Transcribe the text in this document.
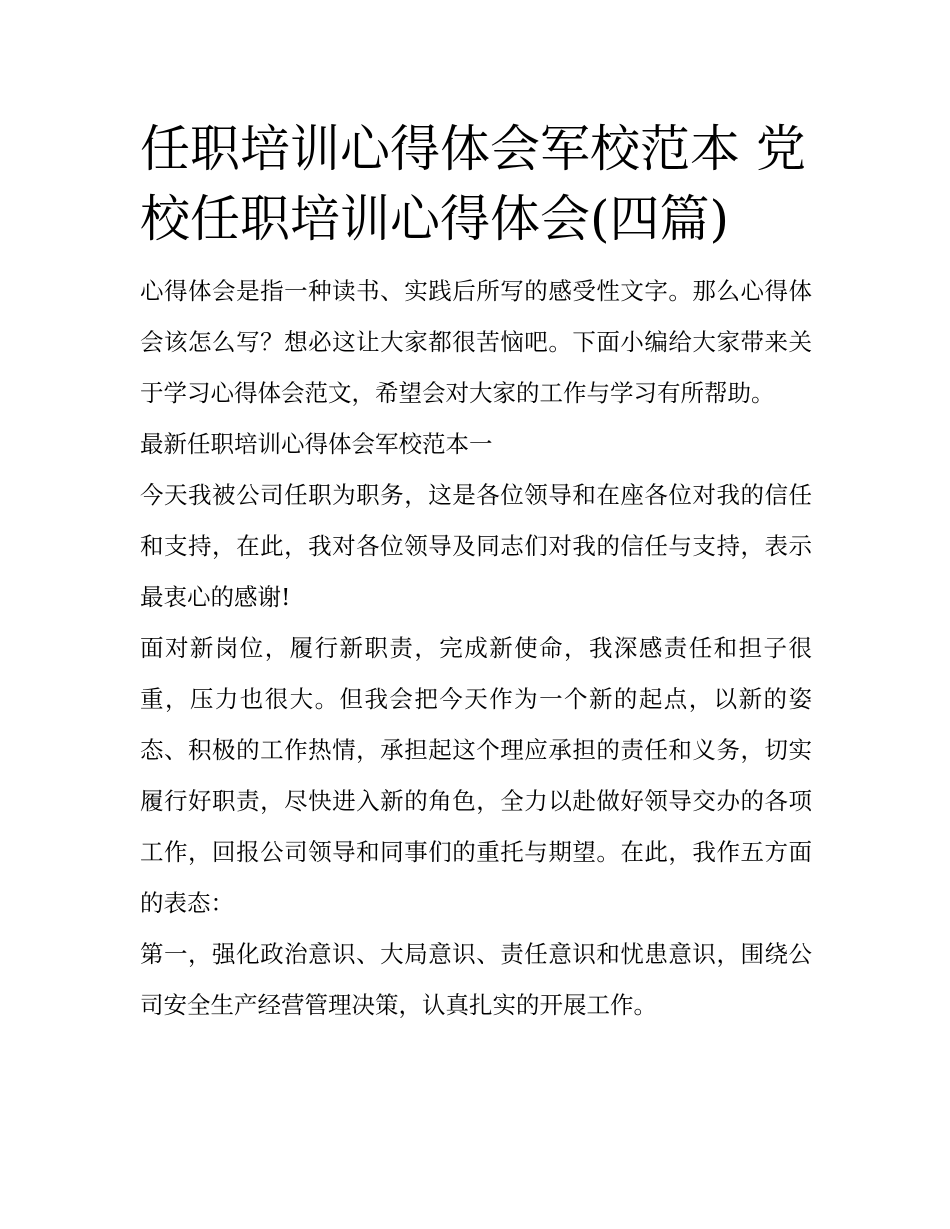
任职培训心得体会军校范本 党校任职培训心得体会(四篇)

心得体会是指一种读书、实践后所写的感受性文字。那么心得体会该怎么写？想必这让大家都很苦恼吧。下面小编给大家带来关于学习心得体会范文，希望会对大家的工作与学习有所帮助。

最新任职培训心得体会军校范本一

今天我被公司任职为职务，这是各位领导和在座各位对我的信任和支持，在此，我对各位领导及同志们对我的信任与支持，表示最衷心的感谢!

面对新岗位，履行新职责，完成新使命，我深感责任和担子很重，压力也很大。但我会把今天作为一个新的起点，以新的姿态、积极的工作热情，承担起这个理应承担的责任和义务，切实履行好职责，尽快进入新的角色，全力以赴做好领导交办的各项工作，回报公司领导和同事们的重托与期望。在此，我作五方面的表态：

第一，强化政治意识、大局意识、责任意识和忧患意识，围绕公司安全生产经营管理决策，认真扎实的开展工作。
